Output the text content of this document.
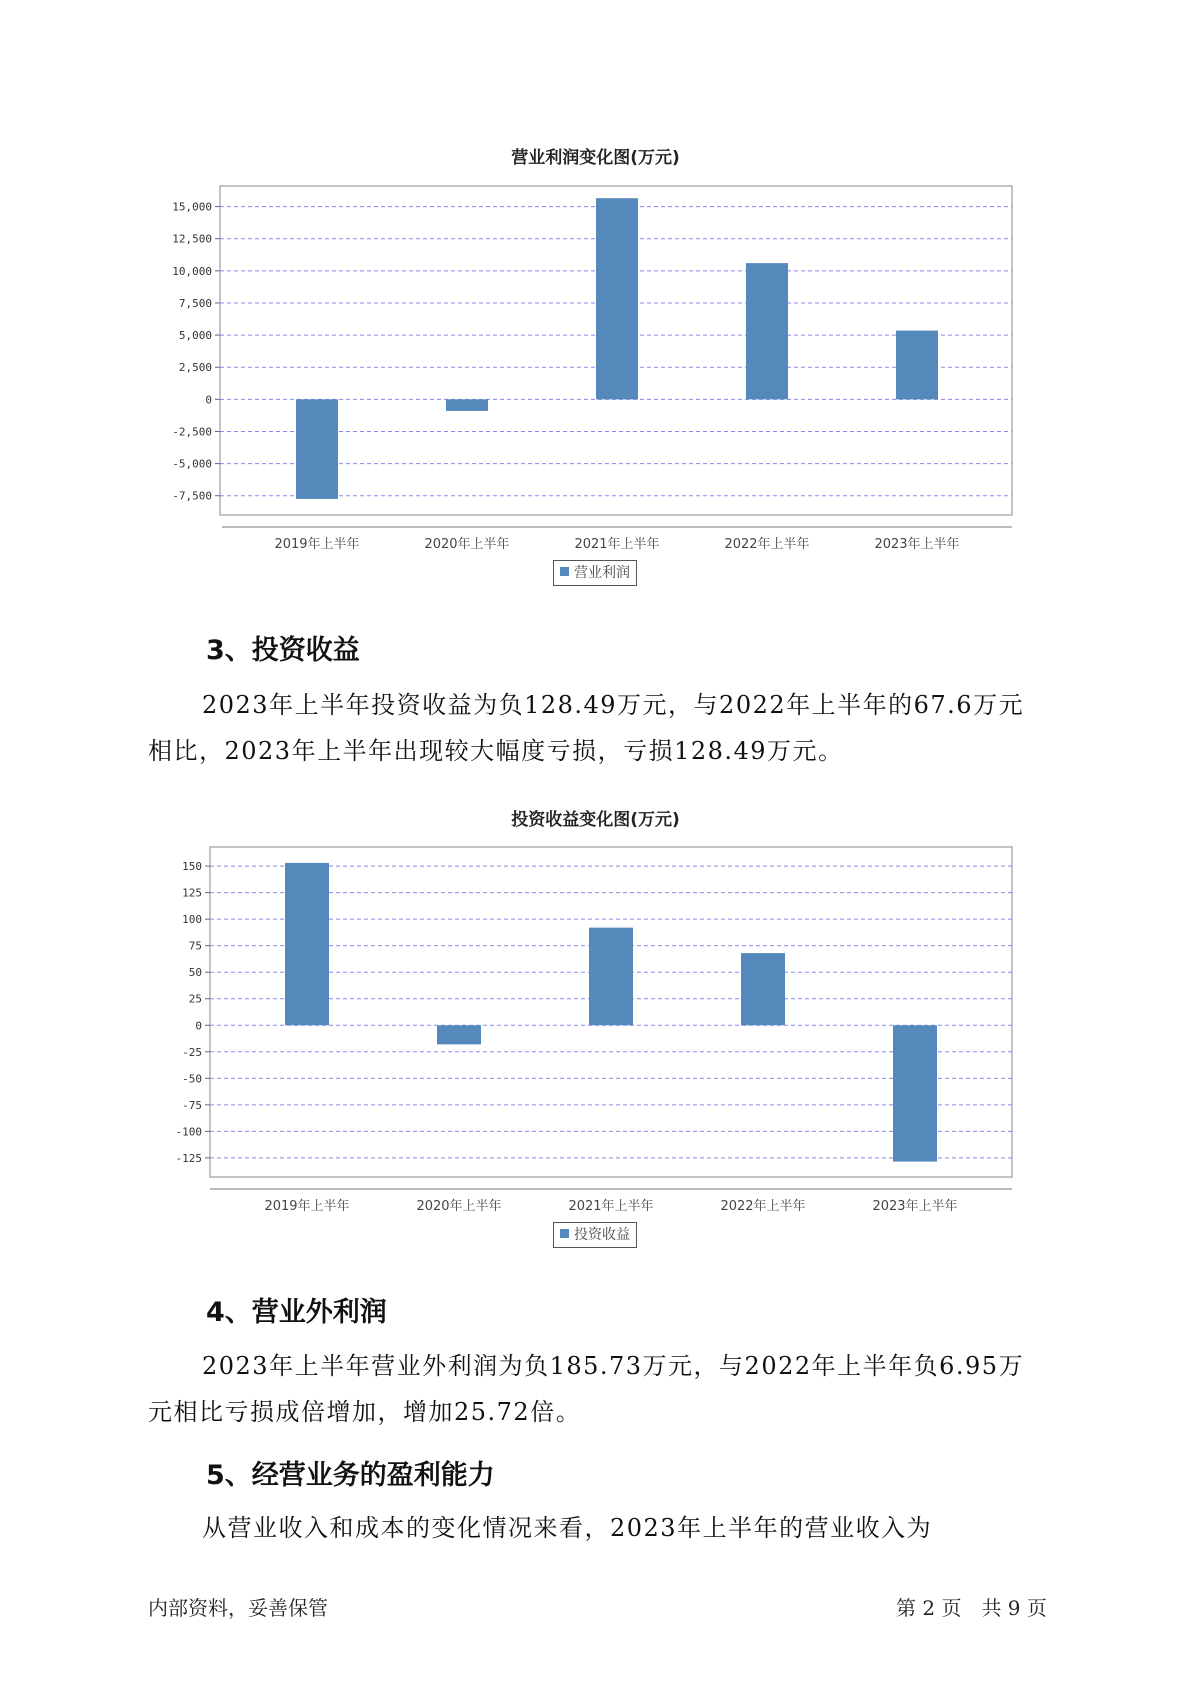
营业利润变化图(万元)
15,000
12,500
10,000
7,500
5,000
2,500
0
-2,500
-5,000
-7,500
2019年上半年	2020年上半年	2021年上半年	2022年上半年	2023年上半年
营业利润
3、投资收益
2023年上半年投资收益为负128.49万元，与2022年上半年的67.6万元
相比，2023年上半年出现较大幅度亏损，亏损128.49万元。
投资收益变化图(万元)
150
125
100
75
50
25
0
-25
-50
-75
-100
-125
2019年上半年	2020年上半年	2021年上半年	2022年上半年	2023年上半年
投资收益
4、营业外利润
2023年上半年营业外利润为负185.73万元，与2022年上半年负6.95万
元相比亏损成倍增加，增加25.72倍。
5、经营业务的盈利能力
从营业收入和成本的变化情况来看，2023年上半年的营业收入为
内部资料，妥善保管	第 2 页　共 9 页
